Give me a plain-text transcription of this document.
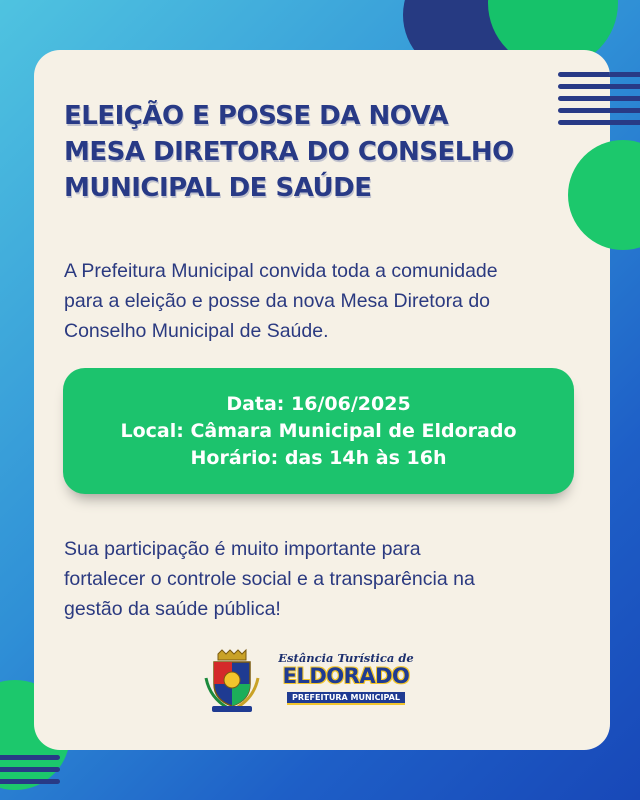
ELEIÇÃO E POSSE DA NOVA
MESA DIRETORA DO CONSELHO
MUNICIPAL DE SAÚDE
A Prefeitura Municipal convida toda a comunidade
para a eleição e posse da nova Mesa Diretora do
Conselho Municipal de Saúde.
Data: 16/06/2025
Local: Câmara Municipal de Eldorado
Horário: das 14h às 16h
Sua participação é muito importante para
fortalecer o controle social e a transparência na
gestão da saúde pública!
Estância Turística de
ELDORADO
PREFEITURA MUNICIPAL
